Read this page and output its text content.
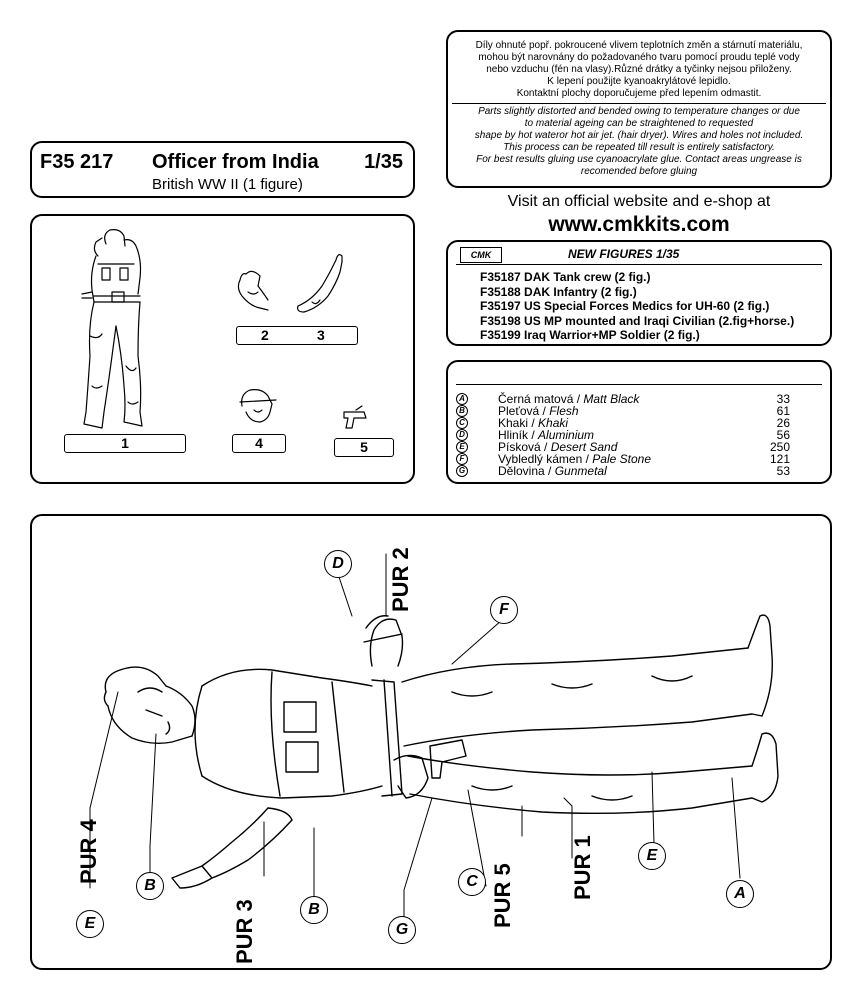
Díly ohnuté popř. pokroucené vlivem teplotních změn a stárnutí materiálu,
mohou být narovnány do požadovaného tvaru pomocí proudu teplé vody
nebo vzduchu (fén na vlasy).Různé drátky a tyčinky nejsou přiloženy.
K lepení použijte kyanoakrylátové lepidlo.
Kontaktní plochy doporučujeme před lepením odmastit.
Parts slightly distorted and bended owing to temperature changes or due
to material ageing can be straightened to requested
shape by hot wateror hot air jet. (hair dryer). Wires and holes not included.
This process can be repeated till result is entirely satisfactory.
For best results gluing use cyanoacrylate glue. Contact areas ungrease is
recomended before gluing
F35 217 Officer from India 1/35
British WW II (1 figure)
Visit an official website and e-shop at
www.cmkkits.com
1
2	3
4	5
CMK	NEW FIGURES 1/35
F35187 DAK Tank crew (2 fig.)
F35188 DAK Infantry (2 fig.)
F35197 US Special Forces Medics for UH-60 (2 fig.)
F35198 US MP mounted and Iraqi Civilian (2.fig+horse.)
F35199 Iraq Warrior+MP Soldier (2 fig.)
A	Černá matová / Matt Black	33
B	Pleťová / Flesh	61
C	Khaki / Khaki	26
D	Hliník / Aluminium	56
E	Písková / Desert Sand	250
F	Vybledlý kámen / Pale Stone	121
G	Dělovina / Gunmetal	53
D
F
B
B
E
E
G
C
A
PUR 2
PUR 4
PUR 3
PUR 5	PUR 1
